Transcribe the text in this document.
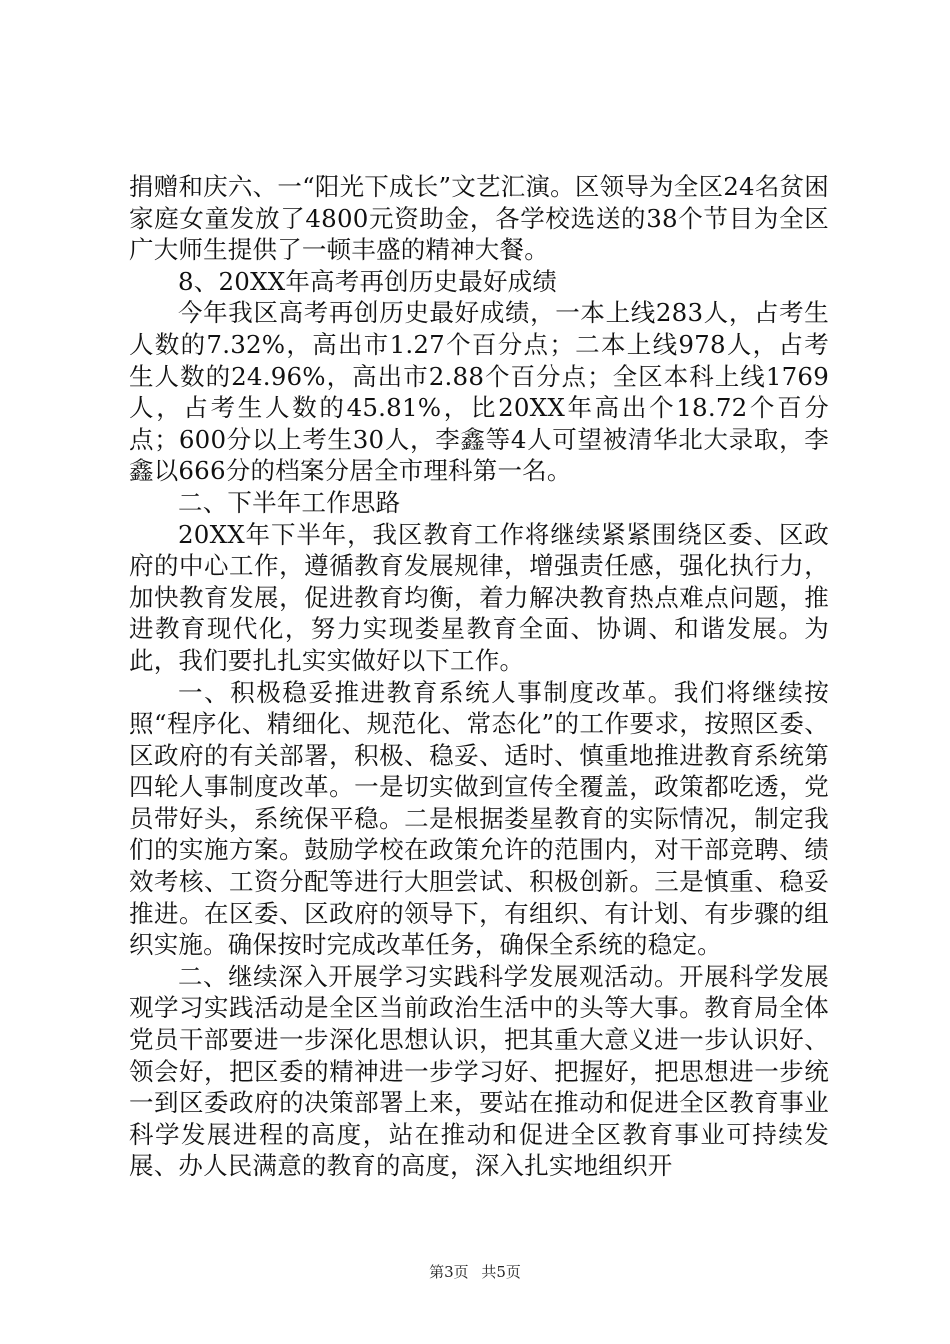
捐赠和庆六、一“阳光下成长”文艺汇演。区领导为全区24名贫困家庭女童发放了4800元资助金，各学校选送的38个节目为全区广大师生提供了一顿丰盛的精神大餐。

8、20XX年高考再创历史最好成绩

今年我区高考再创历史最好成绩，一本上线283人，占考生人数的7.32%，高出市1.27个百分点；二本上线978人，占考生人数的24.96%，高出市2.88个百分点；全区本科上线1769人，占考生人数的45.81%，比20XX年高出个18.72个百分点；600分以上考生30人，李鑫等4人可望被清华北大录取，李鑫以666分的档案分居全市理科第一名。

二、下半年工作思路

20XX年下半年，我区教育工作将继续紧紧围绕区委、区政府的中心工作，遵循教育发展规律，增强责任感，强化执行力，加快教育发展，促进教育均衡，着力解决教育热点难点问题，推进教育现代化，努力实现娄星教育全面、协调、和谐发展。为此，我们要扎扎实实做好以下工作。

一、积极稳妥推进教育系统人事制度改革。我们将继续按照“程序化、精细化、规范化、常态化”的工作要求，按照区委、区政府的有关部署，积极、稳妥、适时、慎重地推进教育系统第四轮人事制度改革。一是切实做到宣传全覆盖，政策都吃透，党员带好头，系统保平稳。二是根据娄星教育的实际情况，制定我们的实施方案。鼓励学校在政策允许的范围内，对干部竞聘、绩效考核、工资分配等进行大胆尝试、积极创新。三是慎重、稳妥推进。在区委、区政府的领导下，有组织、有计划、有步骤的组织实施。确保按时完成改革任务，确保全系统的稳定。

二、继续深入开展学习实践科学发展观活动。开展科学发展观学习实践活动是全区当前政治生活中的头等大事。教育局全体党员干部要进一步深化思想认识，把其重大意义进一步认识好、领会好，把区委的精神进一步学习好、把握好，把思想进一步统一到区委政府的决策部署上来，要站在推动和促进全区教育事业科学发展进程的高度，站在推动和促进全区教育事业可持续发展、办人民满意的教育的高度，深入扎实地组织开

第3页 共5页
